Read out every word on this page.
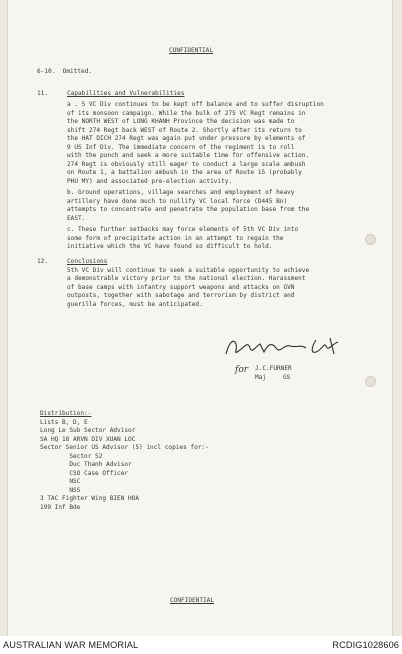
CONFIDENTIAL
6-10.  Omitted.
11.	Capabilities and Vulnerabilities
a . 5 VC Div continues to be kept off balance and to suffer disruption
of its monsoon campaign. While the bulk of 275 VC Regt remains in
the NORTH WEST of LONG KHANH Province the decision was made to
shift 274 Regt back WEST of Route 2. Shortly after its return to
the HAT DICH 274 Regt was again put under pressure by elements of
9 US Inf Div. The immediate concern of the regiment is to roll
with the punch and seek a more suitable time for offensive action.
274 Regt is obviously still eager to conduct a large scale ambush
on Route 1, a battalion ambush in the area of Route 15 (probably
PHU MY) and associated pre-election activity.
b. Ground operations, village searches and employment of heavy
artillery have done much to nullify VC local force (D445 Bn)
attempts to concentrate and penetrate the population base from the
EAST.
c. These further setbacks may force elements of 5th VC Div into
some form of precipitate action in an attempt to regain the
initiative which the VC have found so difficult to hold.
12.	Conclusions
5th VC Div will continue to seek a suitable opportunity to achieve
a demonstrable victory prior to the national election. Harassment
of base camps with infantry support weapons and attacks on GVN
outposts, together with sabotage and terrorism by district and
guerilla forces, must be anticipated.
for J.C.FURNER
Maj	GS
Distribution:-
Lists B, D, E
Long Le Sub Sector Advisor
SA HQ 18 ARVN DIV XUAN LOC
Sector Senior US Advisor (5) incl copies for:-
Sector S2
Duc Thanh Advisor
CSO Case Officer
NSC
NSS
3 TAC Fighter Wing BIEN HOA
199 Inf Bde
CONFIDENTIAL
AUSTRALIAN WAR MEMORIAL	RCDIG1028606
